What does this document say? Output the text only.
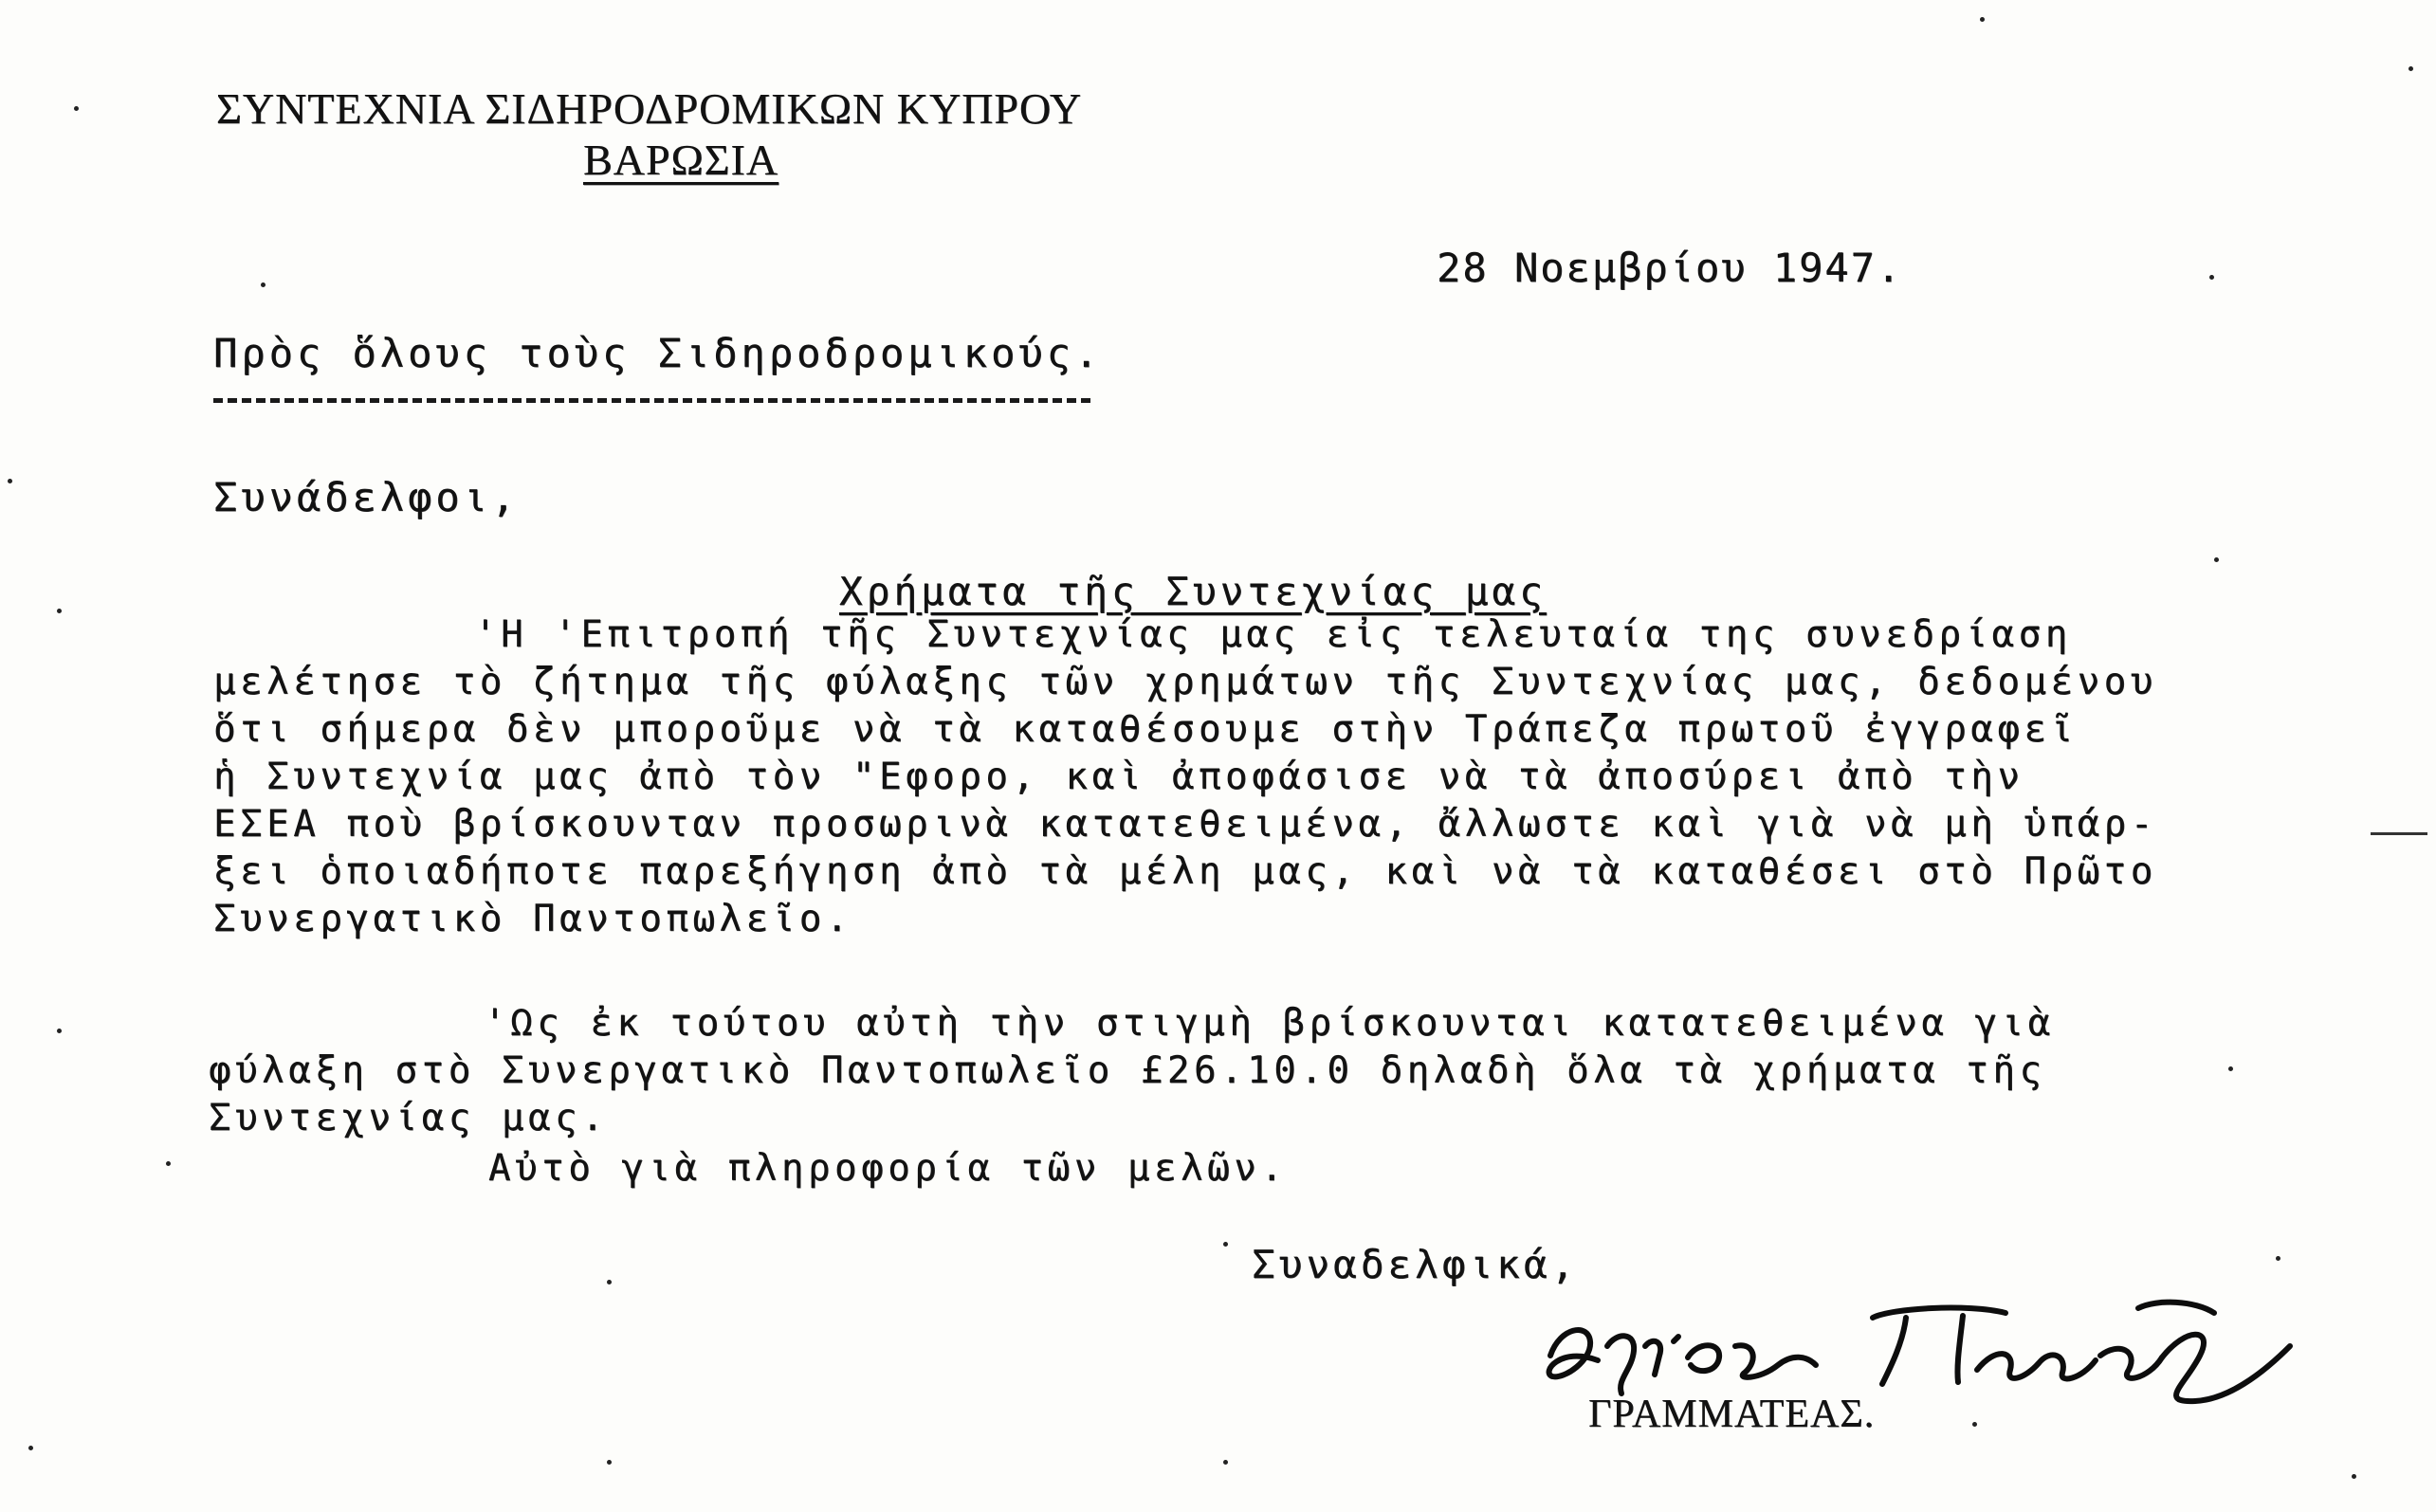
ΣΥΝΤΕΧΝΙΑ ΣΙΔΗΡΟΔΡΟΜΙΚΩΝ ΚΥΠΡΟΥ
ΒΑΡΩΣΙΑ
28 Νοεμβρίου 1947.
Πρὸς ὅλους τοὺς Σιδηροδρομικούς.
Συνάδελφοι,
Χρήματα τῆς Συντεχνίας μας
'Η 'Επιτροπή τῆς Συντεχνίας μας εἰς τελευταία της συνεδρίαση
μελέτησε τὸ ζήτημα τῆς φύλαξης τῶν χρημάτων τῆς Συντεχνίας μας, δεδομένου
ὅτι σήμερα δὲν μποροῦμε νὰ τὰ καταθέσουμε στὴν Τράπεζα πρωτοῦ ἐγγραφεῖ
ἡ Συντεχνία μας ἀπὸ τὸν "Εφορο, καὶ ἀποφάσισε νὰ τὰ ἀποσύρει ἀπὸ τὴν
ΕΣΕΑ ποὺ βρίσκουνταν προσωρινὰ κατατεθειμένα, ἄλλωστε καὶ γιὰ νὰ μὴ ὑπάρ-
ξει ὁποιαδήποτε παρεξήγηση ἀπὸ τὰ μέλη μας, καὶ νὰ τὰ καταθέσει στὸ Πρῶτο
Συνεργατικὸ Παντοπωλεῖο.
'Ως ἐκ τούτου αὐτὴ τὴν στιγμὴ βρίσκουνται κατατεθειμένα γιὰ
φύλαξη στὸ Συνεργατικὸ Παντοπωλεῖο £26.10.0 δηλαδὴ ὅλα τὰ χρήματα τῆς
Συντεχνίας μας.
Αὐτὸ γιὰ πληροφορία τῶν μελῶν.
Συναδελφικά,
ΓΡΑΜΜΑΤΕΑΣ.
